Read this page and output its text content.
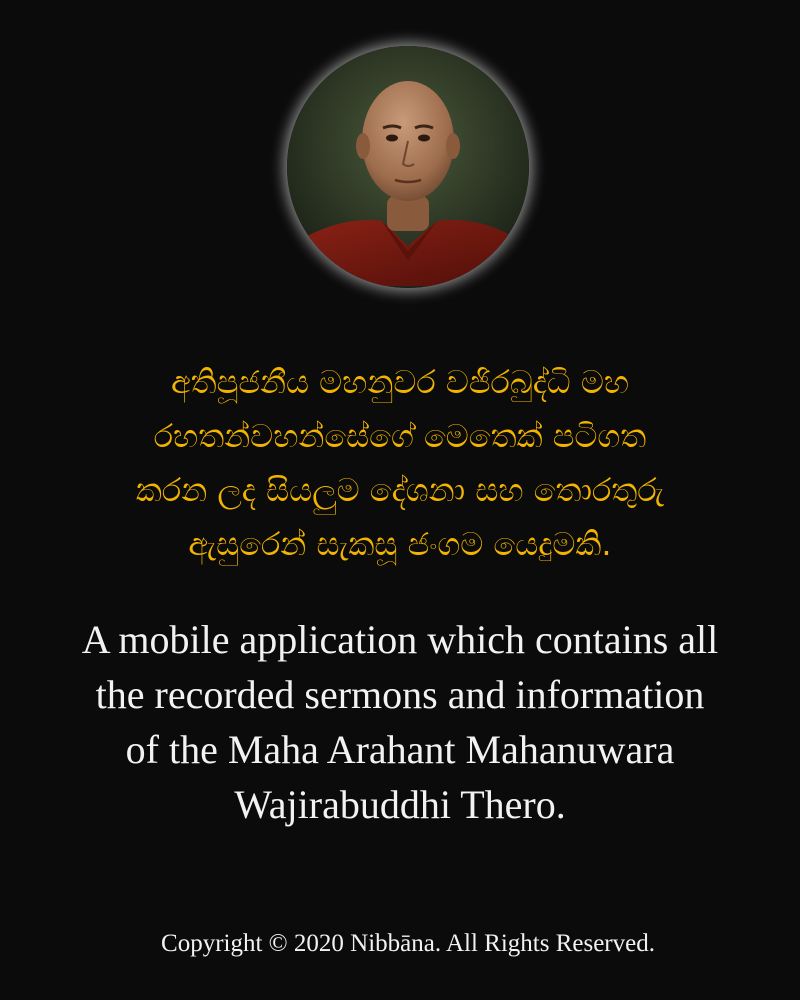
අතිපූජනීය මහනුවර වජිරබුද්ධි මහ
රහතන්වහන්සේගේ මෙතෙක් පටිගත
කරන ලද සියලුම දේශනා සහ තොරතුරු
ඇසුරෙන් සැකසූ ජංගම යෙදුමකි.
A mobile application which contains all
the recorded sermons and information
of the Maha Arahant Mahanuwara
Wajirabuddhi Thero.
Copyright © 2020 Nibbāna. All Rights Reserved.
